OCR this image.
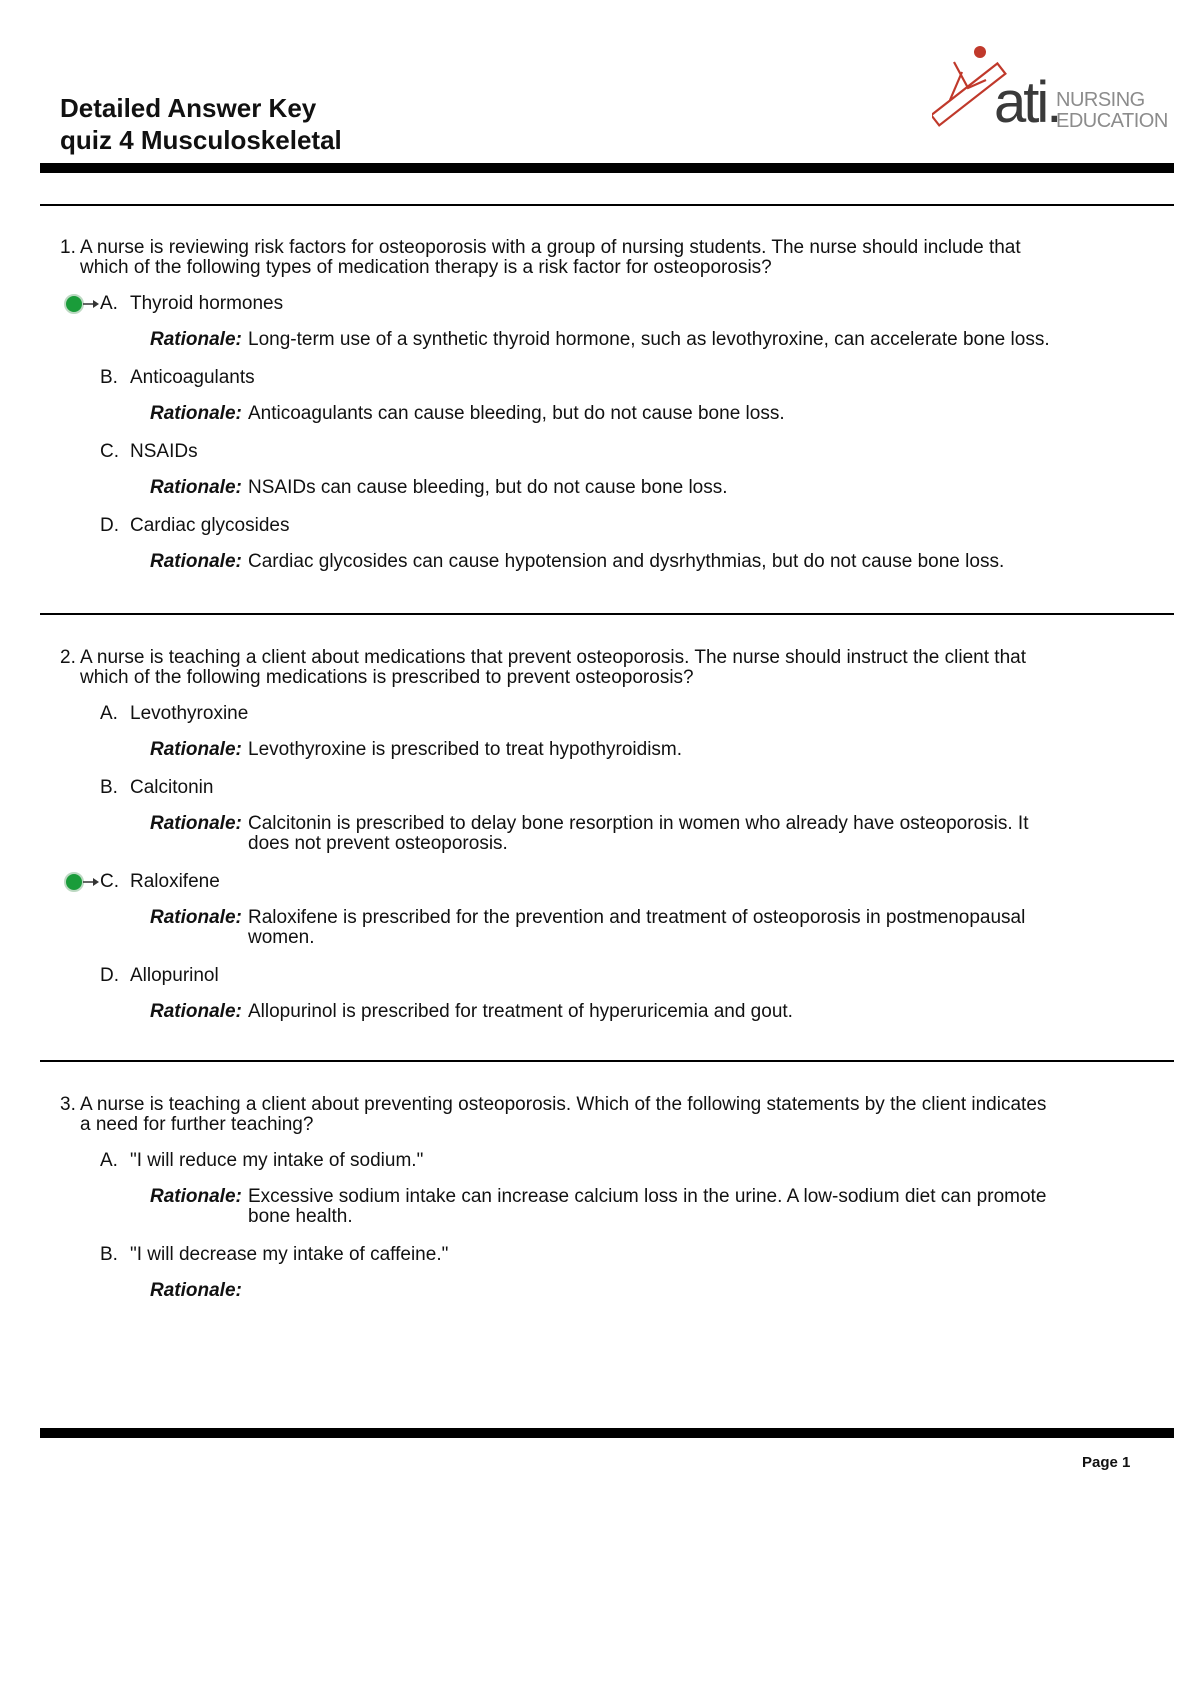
Detailed Answer Key
quiz 4 Musculoskeletal
ati.
NURSING
EDUCATION
1. A nurse is reviewing risk factors for osteoporosis with a group of nursing students. The nurse should include that
which of the following types of medication therapy is a risk factor for osteoporosis?
A. Thyroid hormones
Rationale: Long-term use of a synthetic thyroid hormone, such as levothyroxine, can accelerate bone loss.
B. Anticoagulants
Rationale: Anticoagulants can cause bleeding, but do not cause bone loss.
C. NSAIDs
Rationale: NSAIDs can cause bleeding, but do not cause bone loss.
D. Cardiac glycosides
Rationale: Cardiac glycosides can cause hypotension and dysrhythmias, but do not cause bone loss.
2. A nurse is teaching a client about medications that prevent osteoporosis. The nurse should instruct the client that
which of the following medications is prescribed to prevent osteoporosis?
A. Levothyroxine
Rationale: Levothyroxine is prescribed to treat hypothyroidism.
B. Calcitonin
Rationale: Calcitonin is prescribed to delay bone resorption in women who already have osteoporosis. It
does not prevent osteoporosis.
C. Raloxifene
Rationale: Raloxifene is prescribed for the prevention and treatment of osteoporosis in postmenopausal
women.
D. Allopurinol
Rationale: Allopurinol is prescribed for treatment of hyperuricemia and gout.
3. A nurse is teaching a client about preventing osteoporosis. Which of the following statements by the client indicates
a need for further teaching?
A. "I will reduce my intake of sodium."
Rationale: Excessive sodium intake can increase calcium loss in the urine. A low-sodium diet can promote
bone health.
B. "I will decrease my intake of caffeine."
Rationale:
Page 1
